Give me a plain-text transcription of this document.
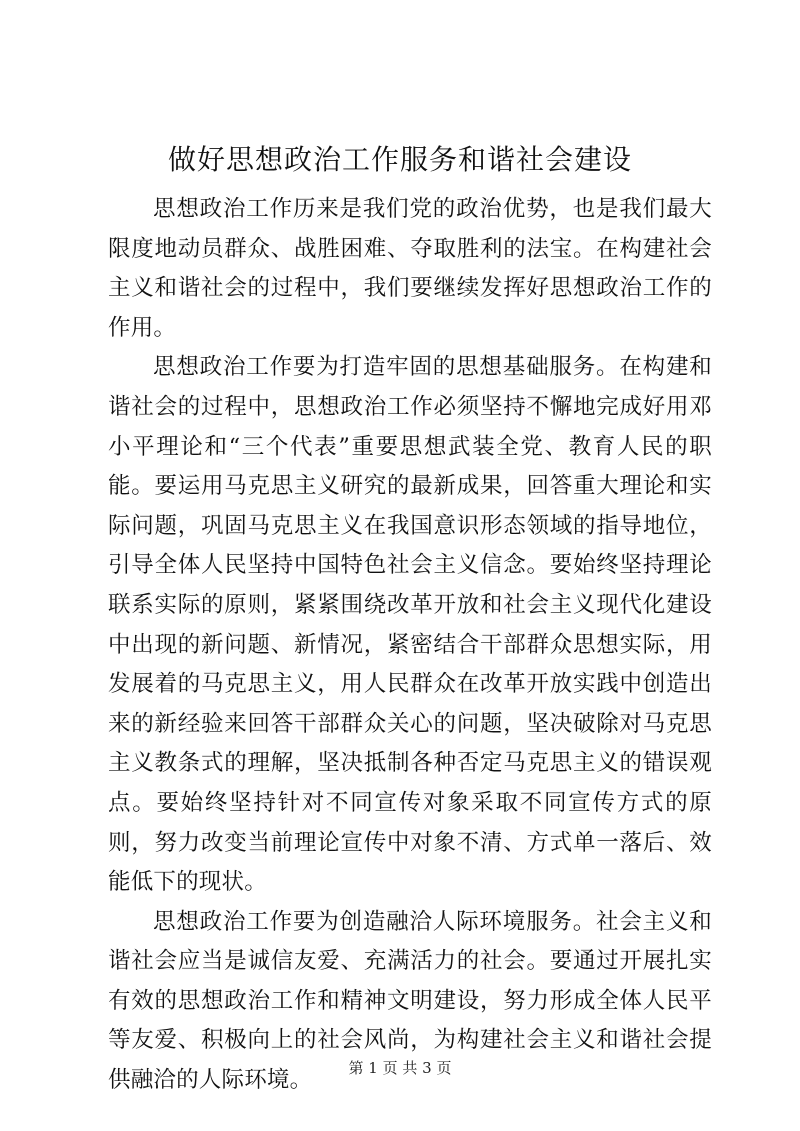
做好思想政治工作服务和谐社会建设

思想政治工作历来是我们党的政治优势，也是我们最大限度地动员群众、战胜困难、夺取胜利的法宝。在构建社会主义和谐社会的过程中，我们要继续发挥好思想政治工作的作用。

思想政治工作要为打造牢固的思想基础服务。在构建和谐社会的过程中，思想政治工作必须坚持不懈地完成好用邓小平理论和“三个代表”重要思想武装全党、教育人民的职能。要运用马克思主义研究的最新成果，回答重大理论和实际问题，巩固马克思主义在我国意识形态领域的指导地位，引导全体人民坚持中国特色社会主义信念。要始终坚持理论联系实际的原则，紧紧围绕改革开放和社会主义现代化建设中出现的新问题、新情况，紧密结合干部群众思想实际，用发展着的马克思主义，用人民群众在改革开放实践中创造出来的新经验来回答干部群众关心的问题，坚决破除对马克思主义教条式的理解，坚决抵制各种否定马克思主义的错误观点。要始终坚持针对不同宣传对象采取不同宣传方式的原则，努力改变当前理论宣传中对象不清、方式单一落后、效能低下的现状。

思想政治工作要为创造融洽人际环境服务。社会主义和谐社会应当是诚信友爱、充满活力的社会。要通过开展扎实有效的思想政治工作和精神文明建设，努力形成全体人民平等友爱、积极向上的社会风尚，为构建社会主义和谐社会提供融洽的人际环境。	第 1 页 共 3 页
